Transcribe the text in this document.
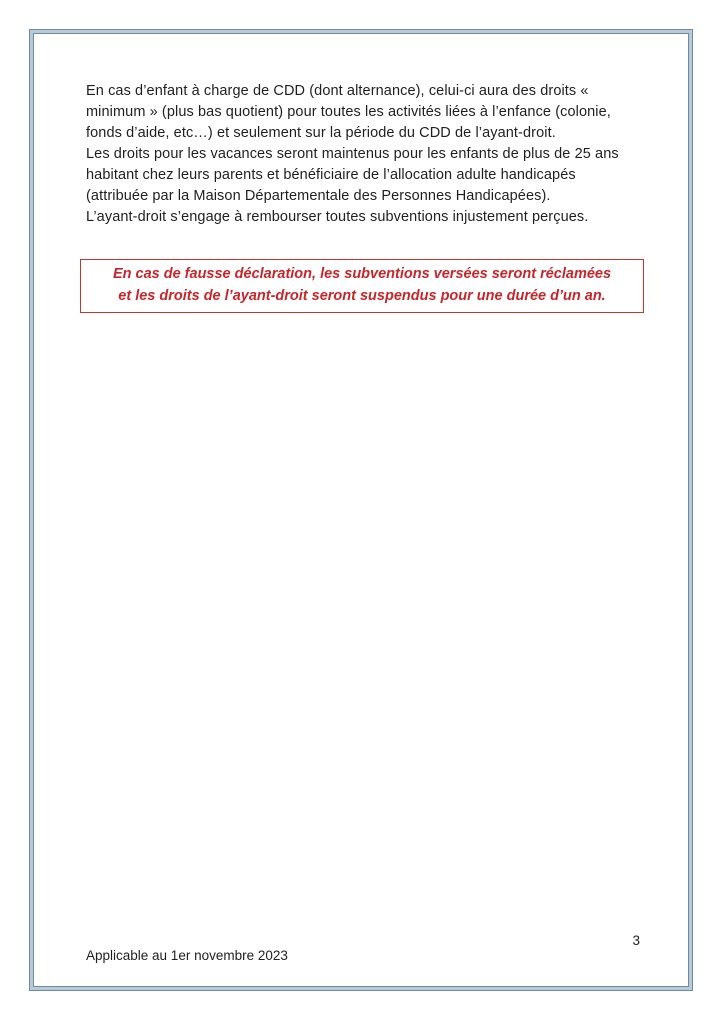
En cas d’enfant à charge de CDD (dont alternance), celui-ci aura des droits « minimum » (plus bas quotient) pour toutes les activités liées à l’enfance (colonie, fonds d’aide, etc…) et seulement sur la période du CDD de l’ayant-droit.

Les droits pour les vacances seront maintenus pour les enfants de plus de 25 ans habitant chez leurs parents et bénéficiaire de l’allocation adulte handicapés (attribuée par la Maison Départementale des Personnes Handicapées).

L’ayant-droit s’engage à rembourser toutes subventions injustement perçues.

En cas de fausse déclaration, les subventions versées seront réclamées et les droits de l’ayant-droit seront suspendus pour une durée d’un an.
3
Applicable au 1er novembre 2023
